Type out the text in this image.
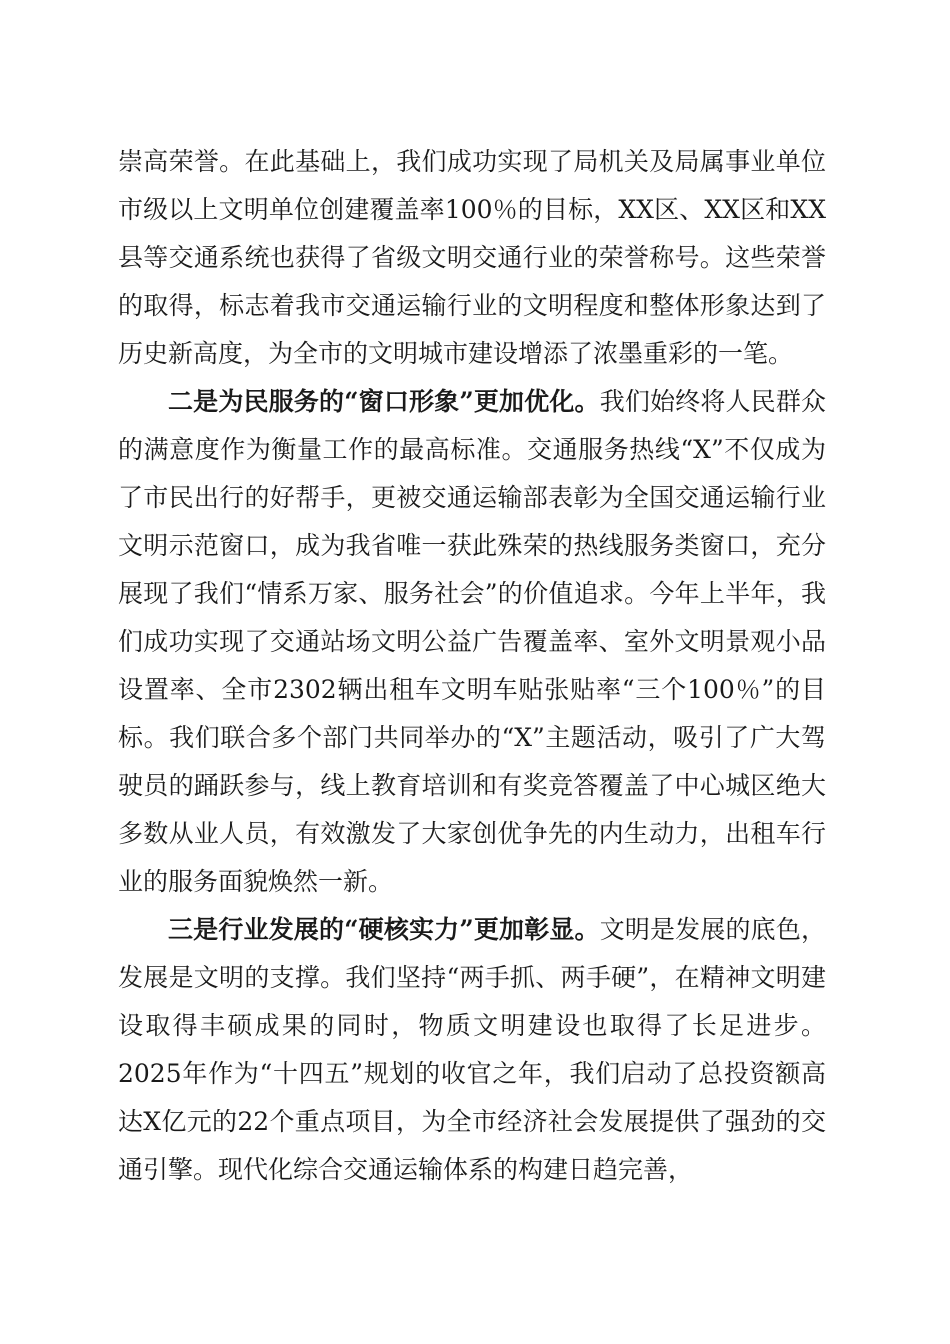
崇高荣誉。在此基础上，我们成功实现了局机关及局属事业单位市级以上文明单位创建覆盖率100％的目标，XX区、XX区和XX县等交通系统也获得了省级文明交通行业的荣誉称号。这些荣誉的取得，标志着我市交通运输行业的文明程度和整体形象达到了历史新高度，为全市的文明城市建设增添了浓墨重彩的一笔。

二是为民服务的“窗口形象”更加优化。我们始终将人民群众的满意度作为衡量工作的最高标准。交通服务热线“X”不仅成为了市民出行的好帮手，更被交通运输部表彰为全国交通运输行业文明示范窗口，成为我省唯一获此殊荣的热线服务类窗口，充分展现了我们“情系万家、服务社会”的价值追求。今年上半年，我们成功实现了交通站场文明公益广告覆盖率、室外文明景观小品设置率、全市2302辆出租车文明车贴张贴率“三个100％”的目标。我们联合多个部门共同举办的“X”主题活动，吸引了广大驾驶员的踊跃参与，线上教育培训和有奖竞答覆盖了中心城区绝大多数从业人员，有效激发了大家创优争先的内生动力，出租车行业的服务面貌焕然一新。

三是行业发展的“硬核实力”更加彰显。文明是发展的底色，发展是文明的支撑。我们坚持“两手抓、两手硬”，在精神文明建设取得丰硕成果的同时，物质文明建设也取得了长足进步。2025年作为“十四五”规划的收官之年，我们启动了总投资额高达X亿元的22个重点项目，为全市经济社会发展提供了强劲的交通引擎。现代化综合交通运输体系的构建日趋完善，
